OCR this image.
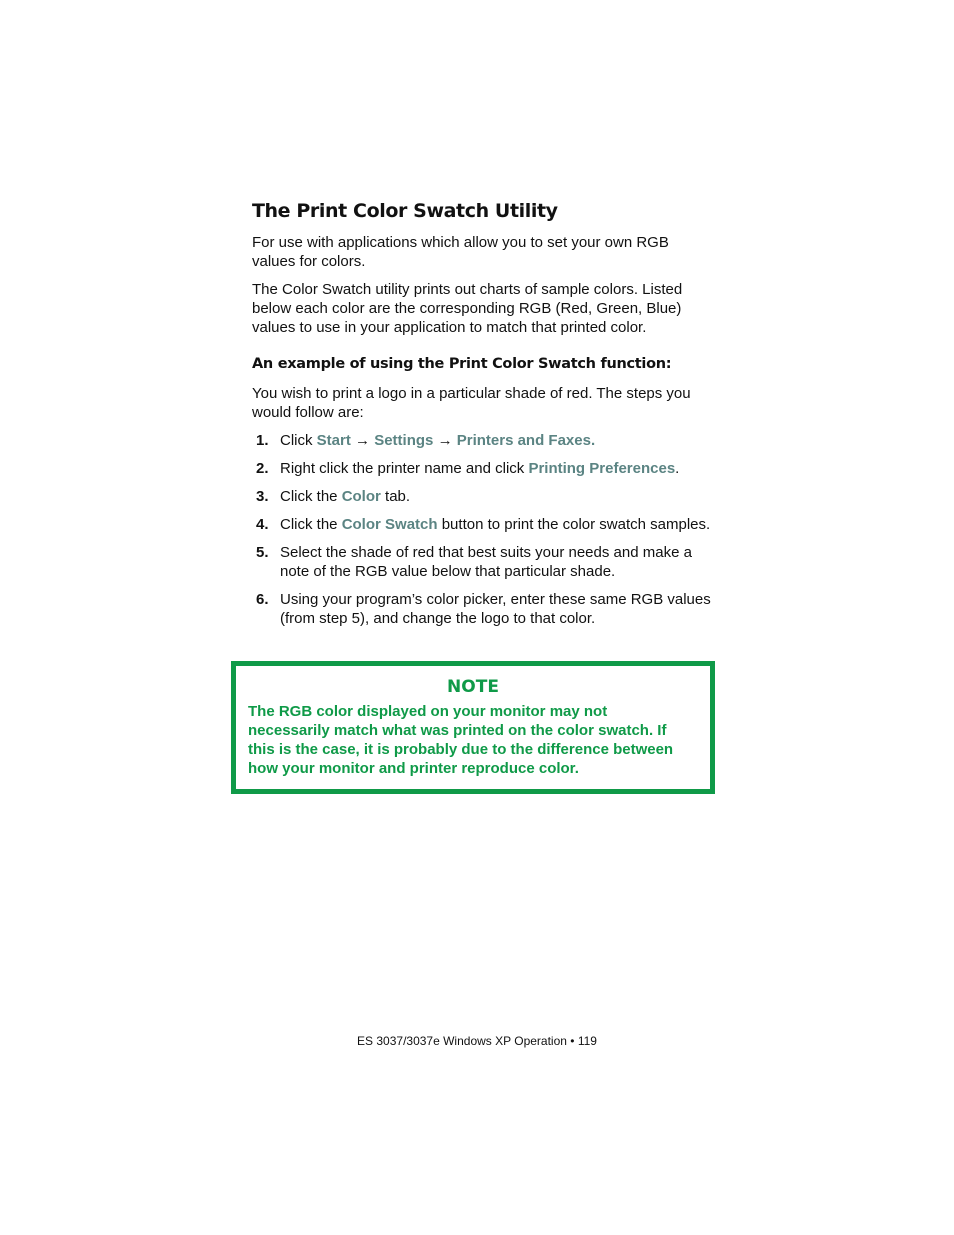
The Print Color Swatch Utility

For use with applications which allow you to set your own RGB values for colors.

The Color Swatch utility prints out charts of sample colors. Listed below each color are the corresponding RGB (Red, Green, Blue) values to use in your application to match that printed color.

An example of using the Print Color Swatch function:

You wish to print a logo in a particular shade of red. The steps you would follow are:

1. Click Start → Settings → Printers and Faxes.
2. Right click the printer name and click Printing Preferences.
3. Click the Color tab.
4. Click the Color Swatch button to print the color swatch samples.
5. Select the shade of red that best suits your needs and make a note of the RGB value below that particular shade.
6. Using your program’s color picker, enter these same RGB values (from step 5), and change the logo to that color.
NOTE
The RGB color displayed on your monitor may not necessarily match what was printed on the color swatch. If this is the case, it is probably due to the difference between how your monitor and printer reproduce color.
ES 3037/3037e Windows XP Operation • 119
